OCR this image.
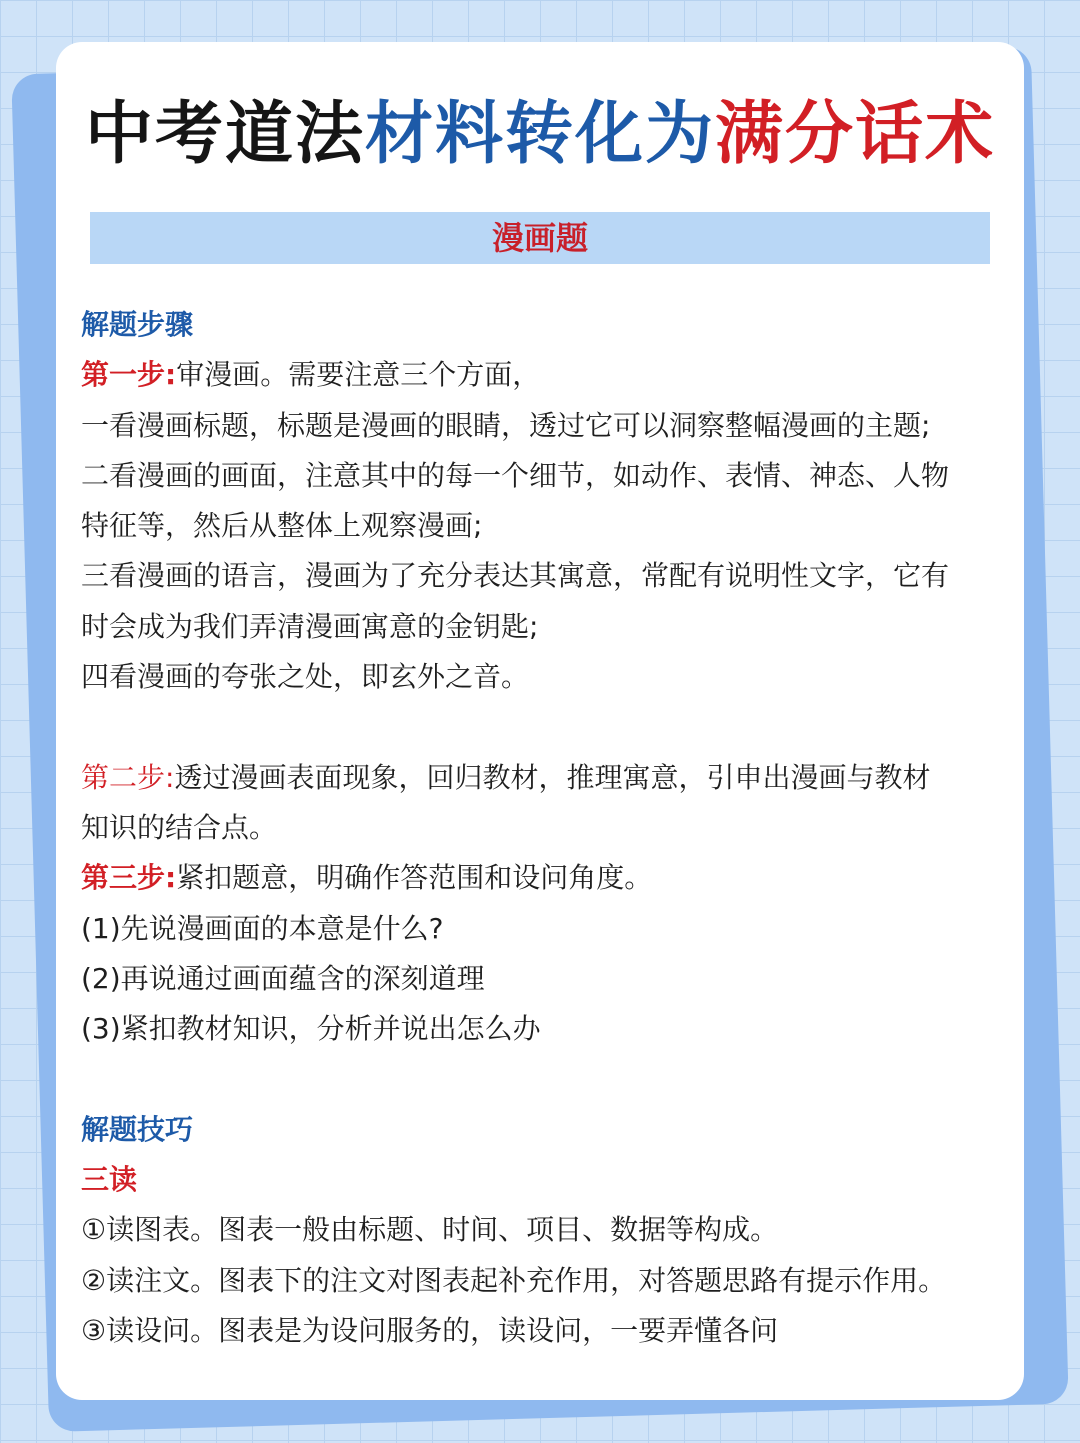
中考道法材料转化为满分话术
漫画题

解题步骤

第一步:审漫画。需要注意三个方面，

一看漫画标题，标题是漫画的眼睛，透过它可以洞察整幅漫画的主题;

二看漫画的画面，注意其中的每一个细节，如动作、表情、神态、人物

特征等，然后从整体上观察漫画;

三看漫画的语言，漫画为了充分表达其寓意，常配有说明性文字，它有

时会成为我们弄清漫画寓意的金钥匙;

四看漫画的夸张之处，即玄外之音。

第二步:透过漫画表面现象，回归教材，推理寓意，引申出漫画与教材

知识的结合点。

第三步:紧扣题意，明确作答范围和设问角度。

(1)先说漫画面的本意是什么?

(2)再说通过画面蕴含的深刻道理

(3)紧扣教材知识，分析并说出怎么办

解题技巧

三读

①读图表。图表一般由标题、时间、项目、数据等构成。

②读注文。图表下的注文对图表起补充作用，对答题思路有提示作用。

③读设问。图表是为设问服务的，读设问，一要弄懂各问
